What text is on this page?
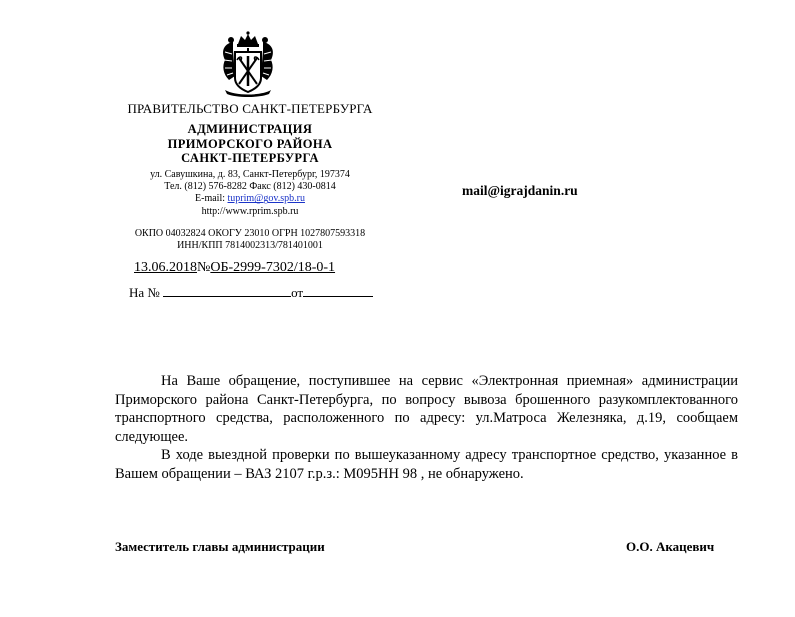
ПРАВИТЕЛЬСТВО САНКТ-ПЕТЕРБУРГА
АДМИНИСТРАЦИЯ
ПРИМОРСКОГО РАЙОНА
САНКТ-ПЕТЕРБУРГА
ул. Савушкина, д. 83, Санкт-Петербург, 197374
Тел. (812) 576-8282 Факс (812) 430-0814
E-mail: tuprim@gov.spb.ru
http://www.rprim.spb.ru
ОКПО 04032824 ОКОГУ 23010 ОГРН 1027807593318
ИНН/КПП 7814002313/781401001
13.06.2018№ОБ-2999-7302/18-0-1
На №	от
mail@igrajdanin.ru

На Ваше обращение, поступившее на сервис «Электронная приемная» администрации Приморского района Санкт-Петербурга, по вопросу вывоза брошенного разукомплектованного транспортного средства, расположенного по адресу: ул.Матроса Железняка, д.19, сообщаем следующее.

В ходе выездной проверки по вышеуказанному адресу транспортное средство, указанное в Вашем обращении – ВАЗ 2107 г.р.з.: М095НН 98 , не обнаружено.

Заместитель главы администрации	О.О. Акацевич
